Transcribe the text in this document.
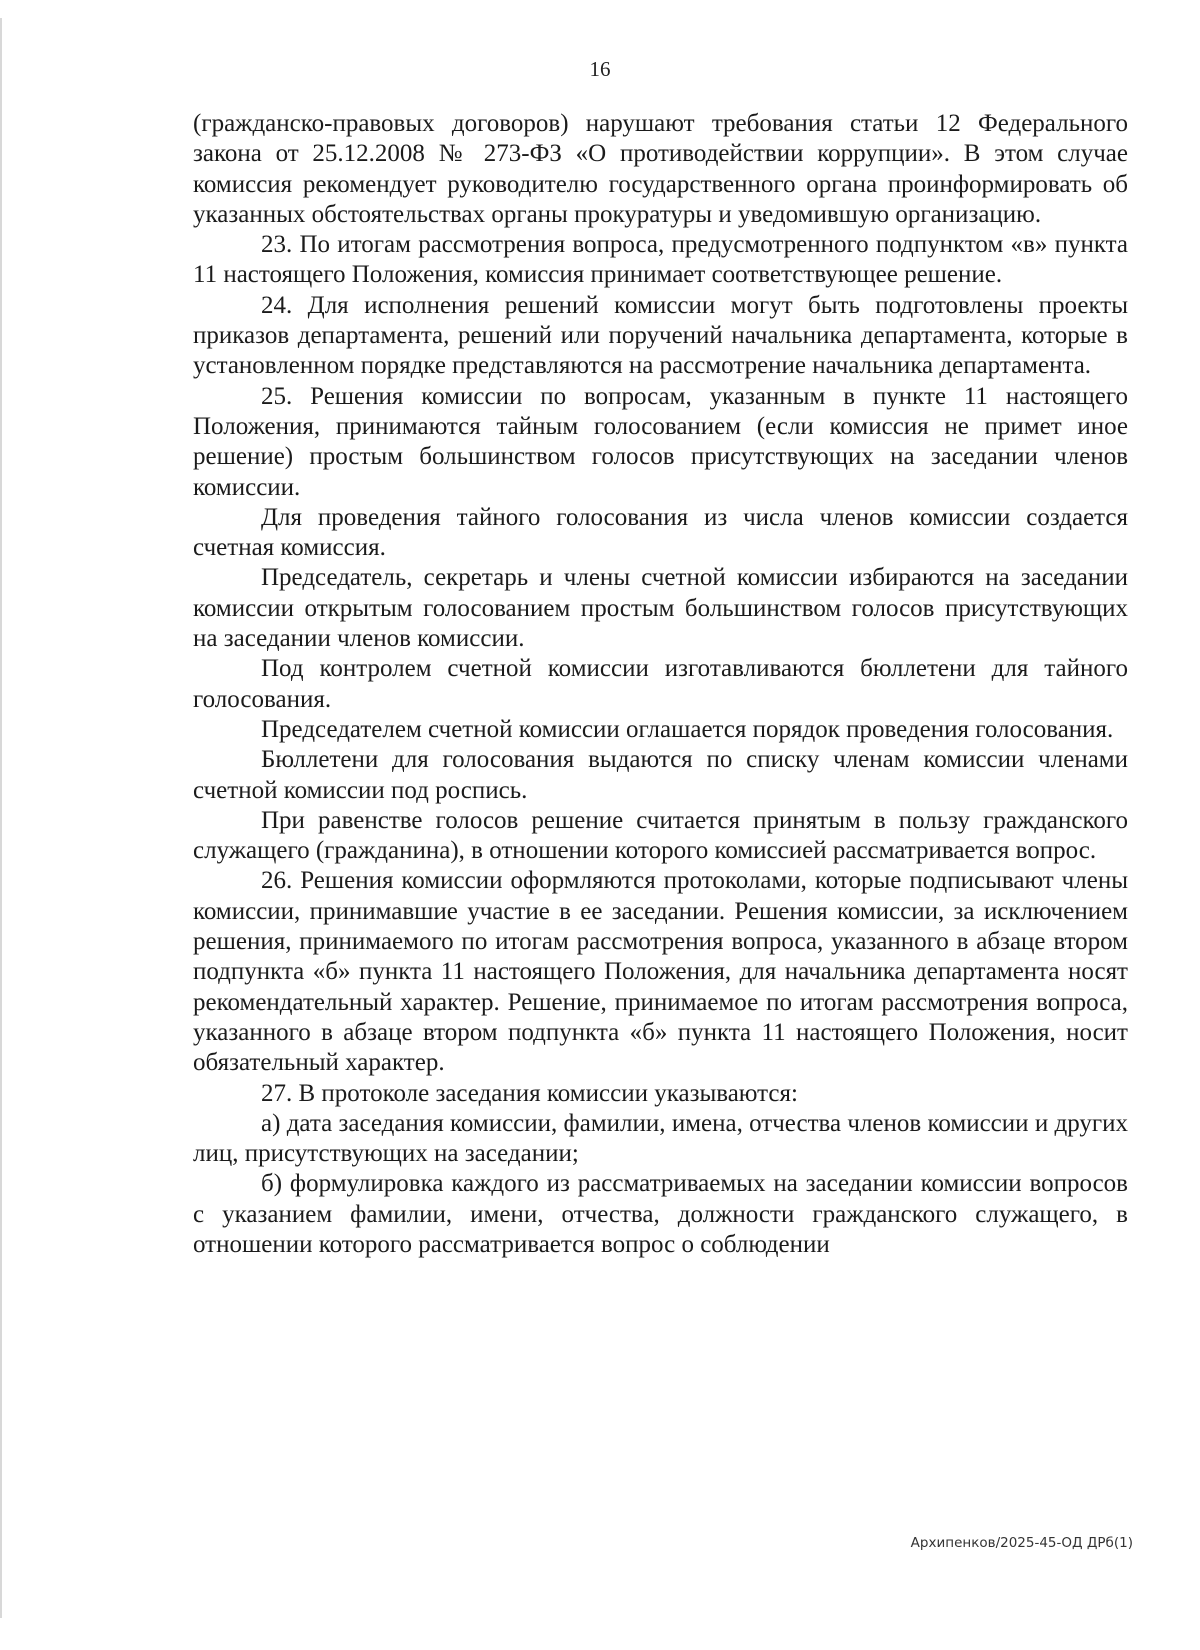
16

(гражданско-правовых договоров) нарушают требования статьи 12 Федерального закона от 25.12.2008 № 273-ФЗ «О противодействии коррупции». В этом случае комиссия рекомендует руководителю государственного органа проинформировать об указанных обстоятельствах органы прокуратуры и уведомившую организацию.

23. По итогам рассмотрения вопроса, предусмотренного подпунктом «в» пункта 11 настоящего Положения, комиссия принимает соответствующее решение.

24. Для исполнения решений комиссии могут быть подготовлены проекты приказов департамента, решений или поручений начальника департамента, которые в установленном порядке представляются на рассмотрение начальника департамента.

25. Решения комиссии по вопросам, указанным в пункте 11 настоящего Положения, принимаются тайным голосованием (если комиссия не примет иное решение) простым большинством голосов присутствующих на заседании членов комиссии.

Для проведения тайного голосования из числа членов комиссии создается счетная комиссия.

Председатель, секретарь и члены счетной комиссии избираются на заседании комиссии открытым голосованием простым большинством голосов присутствующих на заседании членов комиссии.

Под контролем счетной комиссии изготавливаются бюллетени для тайного голосования.

Председателем счетной комиссии оглашается порядок проведения голосования.

Бюллетени для голосования выдаются по списку членам комиссии членами счетной комиссии под роспись.

При равенстве голосов решение считается принятым в пользу гражданского служащего (гражданина), в отношении которого комиссией рассматривается вопрос.

26. Решения комиссии оформляются протоколами, которые подписывают члены комиссии, принимавшие участие в ее заседании. Решения комиссии, за исключением решения, принимаемого по итогам рассмотрения вопроса, указанного в абзаце втором подпункта «б» пункта 11 настоящего Положения, для начальника департамента носят рекомендательный характер. Решение, принимаемое по итогам рассмотрения вопроса, указанного в абзаце втором подпункта «б» пункта 11 настоящего Положения, носит обязательный характер.

27. В протоколе заседания комиссии указываются:

а) дата заседания комиссии, фамилии, имена, отчества членов комиссии и других лиц, присутствующих на заседании;

б) формулировка каждого из рассматриваемых на заседании комиссии вопросов с указанием фамилии, имени, отчества, должности гражданского служащего, в отношении которого рассматривается вопрос о соблюдении

Архипенков/2025-45-ОД ДРб(1)
